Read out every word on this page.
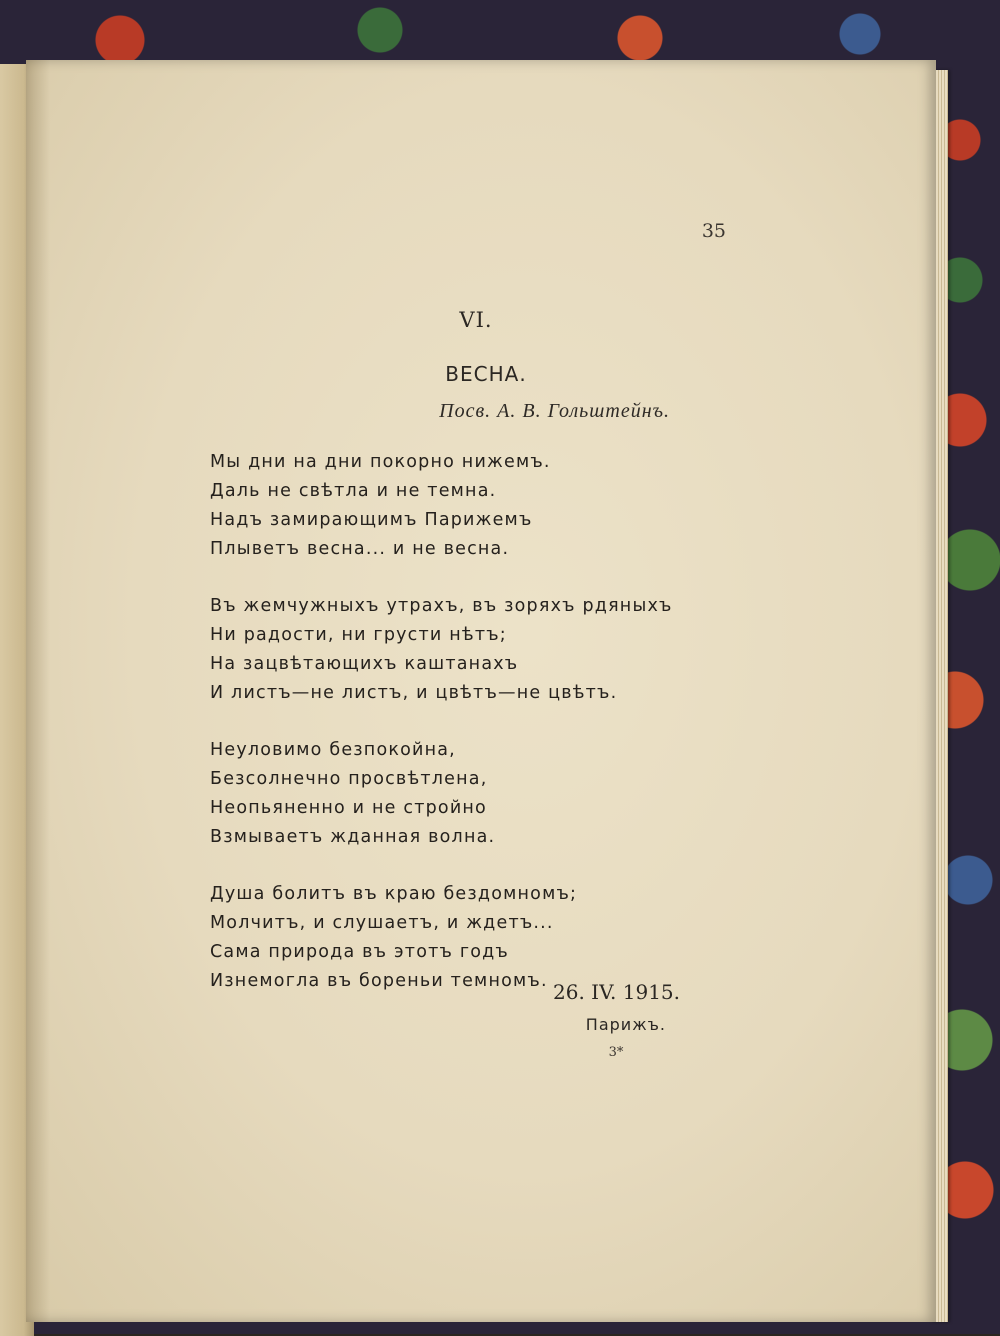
35
VI.
ВЕСНА.
Посв. А. В. Гольштейнъ.
Мы дни на дни покорно нижемъ.
Даль не свѣтла и не темна.
Надъ замирающимъ Парижемъ
Плыветъ весна... и не весна.
Въ жемчужныхъ утрахъ, въ зоряхъ рдяныхъ
Ни радости, ни грусти нѣтъ;
На зацвѣтающихъ каштанахъ
И листъ—не листъ, и цвѣтъ—не цвѣтъ.
Неуловимо безпокойна,
Безсолнечно просвѣтлена,
Неопьяненно и не стройно
Взмываетъ жданная волна.
Душа болитъ въ краю бездомномъ;
Молчитъ, и слушаетъ, и ждетъ...
Сама природа въ этотъ годъ
Изнемогла въ бореньи темномъ. 26. IV. 1915.
Парижъ.
3*
